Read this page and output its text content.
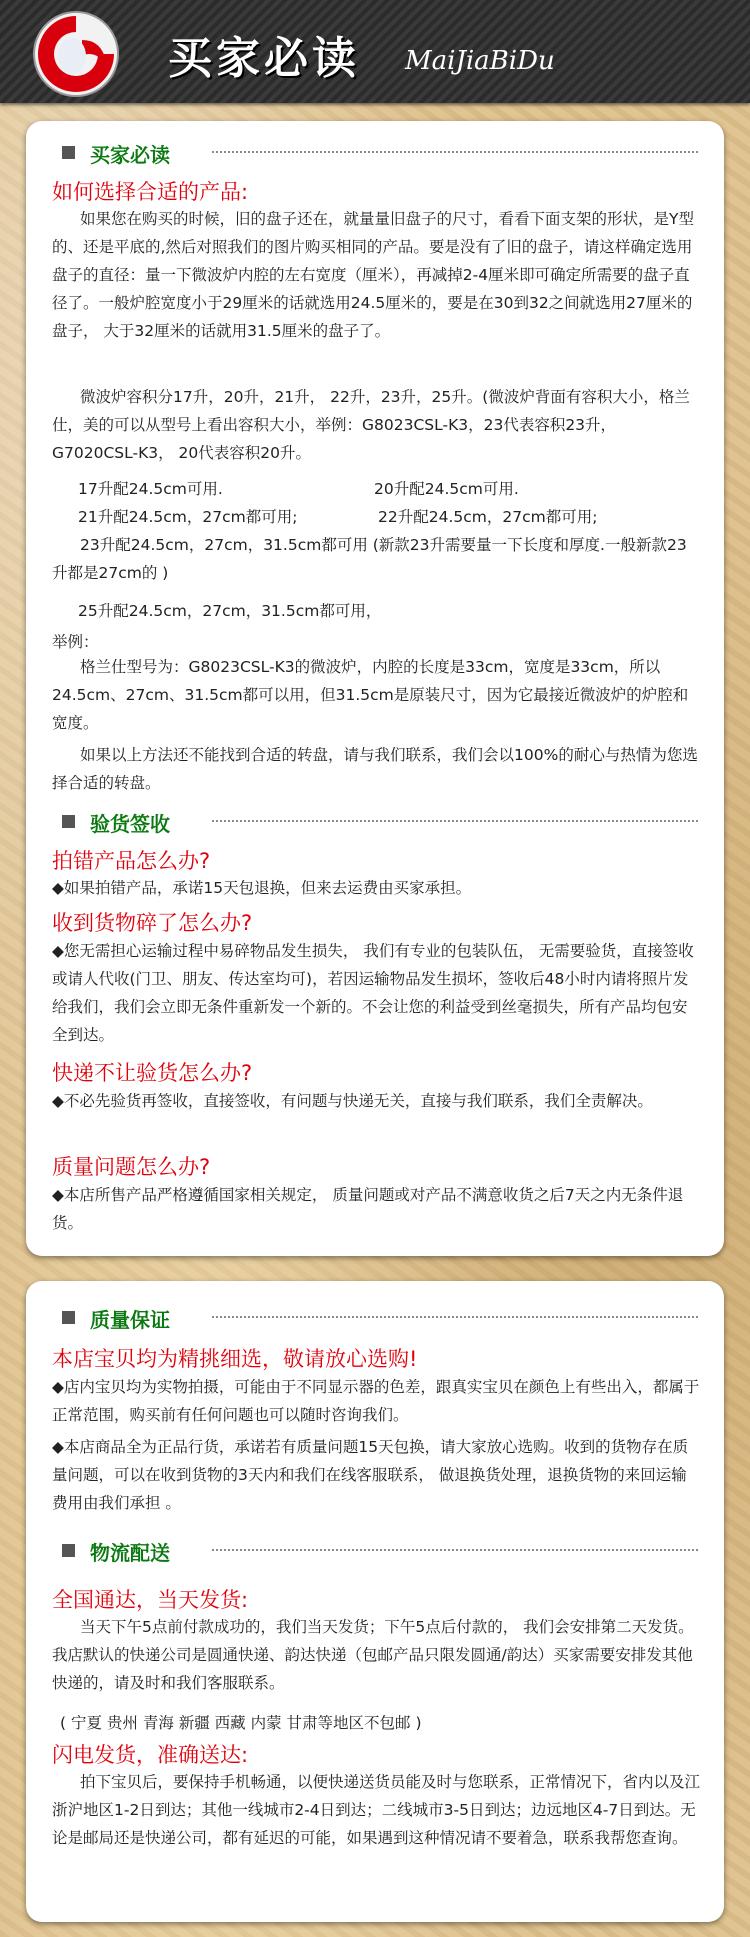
买家必读 MaiJiaBiDu
买家必读
如何选择合适的产品:
如果您在购买的时候，旧的盘子还在，就量量旧盘子的尺寸，看看下面支架的形状，是Y型的、还是平底的,然后对照我们的图片购买相同的产品。要是没有了旧的盘子，请这样确定选用盘子的直径：量一下微波炉内腔的左右宽度（厘米），再减掉2-4厘米即可确定所需要的盘子直径了。一般炉腔宽度小于29厘米的话就选用24.5厘米的，要是在30到32之间就选用27厘米的盘子， 大于32厘米的话就用31.5厘米的盘子了。
微波炉容积分17升，20升，21升， 22升，23升，25升。(微波炉背面有容积大小，格兰仕，美的可以从型号上看出容积大小，举例：G8023CSL-K3，23代表容积23升，G7020CSL-K3， 20代表容积20升。
17升配24.5cm可用.	20升配24.5cm可用.
21升配24.5cm，27cm都可用;	22升配24.5cm，27cm都可用;
23升配24.5cm，27cm，31.5cm都可用 (新款23升需要量一下长度和厚度.一般新款23升都是27cm的 )
25升配24.5cm，27cm，31.5cm都可用，
举例：
格兰仕型号为：G8023CSL-K3的微波炉，内腔的长度是33cm，宽度是33cm，所以24.5cm、27cm、31.5cm都可以用，但31.5cm是原装尺寸，因为它最接近微波炉的炉腔和宽度。
如果以上方法还不能找到合适的转盘，请与我们联系，我们会以100%的耐心与热情为您选择合适的转盘。
验货签收
拍错产品怎么办?
◆如果拍错产品，承诺15天包退换，但来去运费由买家承担。
收到货物碎了怎么办?
◆您无需担心运输过程中易碎物品发生损失， 我们有专业的包装队伍， 无需要验货，直接签收或请人代收(门卫、朋友、传达室均可)，若因运输物品发生损坏，签收后48小时内请将照片发给我们，我们会立即无条件重新发一个新的。不会让您的利益受到丝毫损失，所有产品均包安全到达。
快递不让验货怎么办?
◆不必先验货再签收，直接签收，有问题与快递无关，直接与我们联系，我们全责解决。
质量问题怎么办?
◆本店所售产品严格遵循国家相关规定， 质量问题或对产品不满意收货之后7天之内无条件退货。
质量保证
本店宝贝均为精挑细选，敬请放心选购!
◆店内宝贝均为实物拍摄，可能由于不同显示器的色差，跟真实宝贝在颜色上有些出入，都属于正常范围，购买前有任何问题也可以随时咨询我们。
◆本店商品全为正品行货，承诺若有质量问题15天包换，请大家放心选购。收到的货物存在质量问题，可以在收到货物的3天内和我们在线客服联系， 做退换货处理，退换货物的来回运输费用由我们承担 。
物流配送
全国通达，当天发货:
当天下午5点前付款成功的，我们当天发货；下午5点后付款的， 我们会安排第二天发货。 我店默认的快递公司是圆通快递、韵达快递（包邮产品只限发圆通/韵达）买家需要安排发其他快递的，请及时和我们客服联系。
( 宁夏 贵州 青海 新疆 西藏 内蒙 甘肃等地区不包邮 )
闪电发货，准确送达:
拍下宝贝后，要保持手机畅通，以便快递送货员能及时与您联系，正常情况下，省内以及江浙沪地区1-2日到达；其他一线城市2-4日到达；二线城市3-5日到达；边远地区4-7日到达。无论是邮局还是快递公司，都有延迟的可能，如果遇到这种情况请不要着急，联系我帮您查询。
